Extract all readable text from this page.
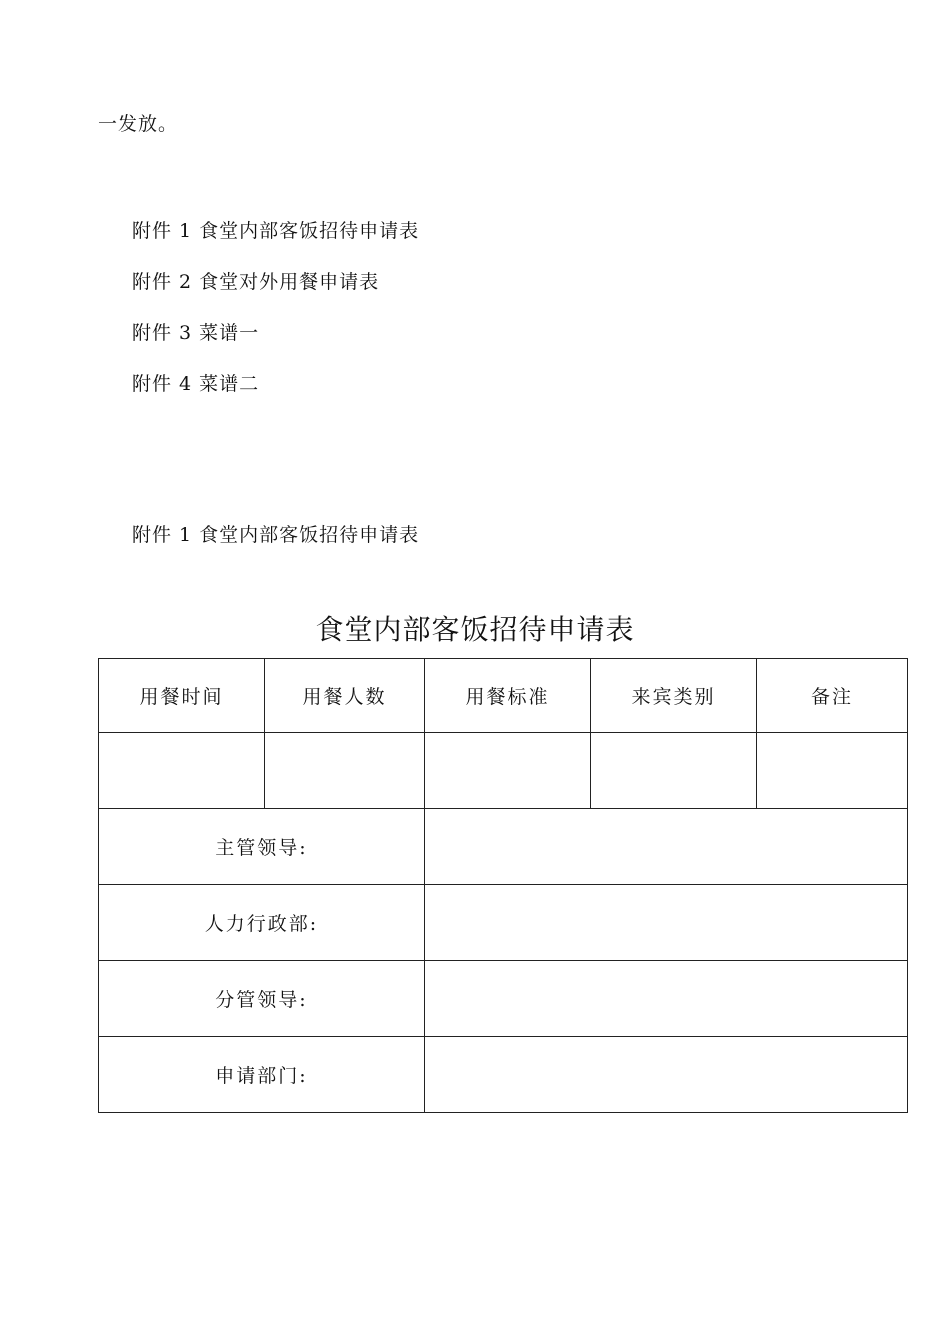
一发放。
附件 1 食堂内部客饭招待申请表
附件 2 食堂对外用餐申请表
附件 3 菜谱一
附件 4 菜谱二
附件 1 食堂内部客饭招待申请表
食堂内部客饭招待申请表
用餐时间	用餐人数	用餐标准	来宾类别	备注

主管领导:				
人力行政部:				
分管领导:				
申请部门:				
